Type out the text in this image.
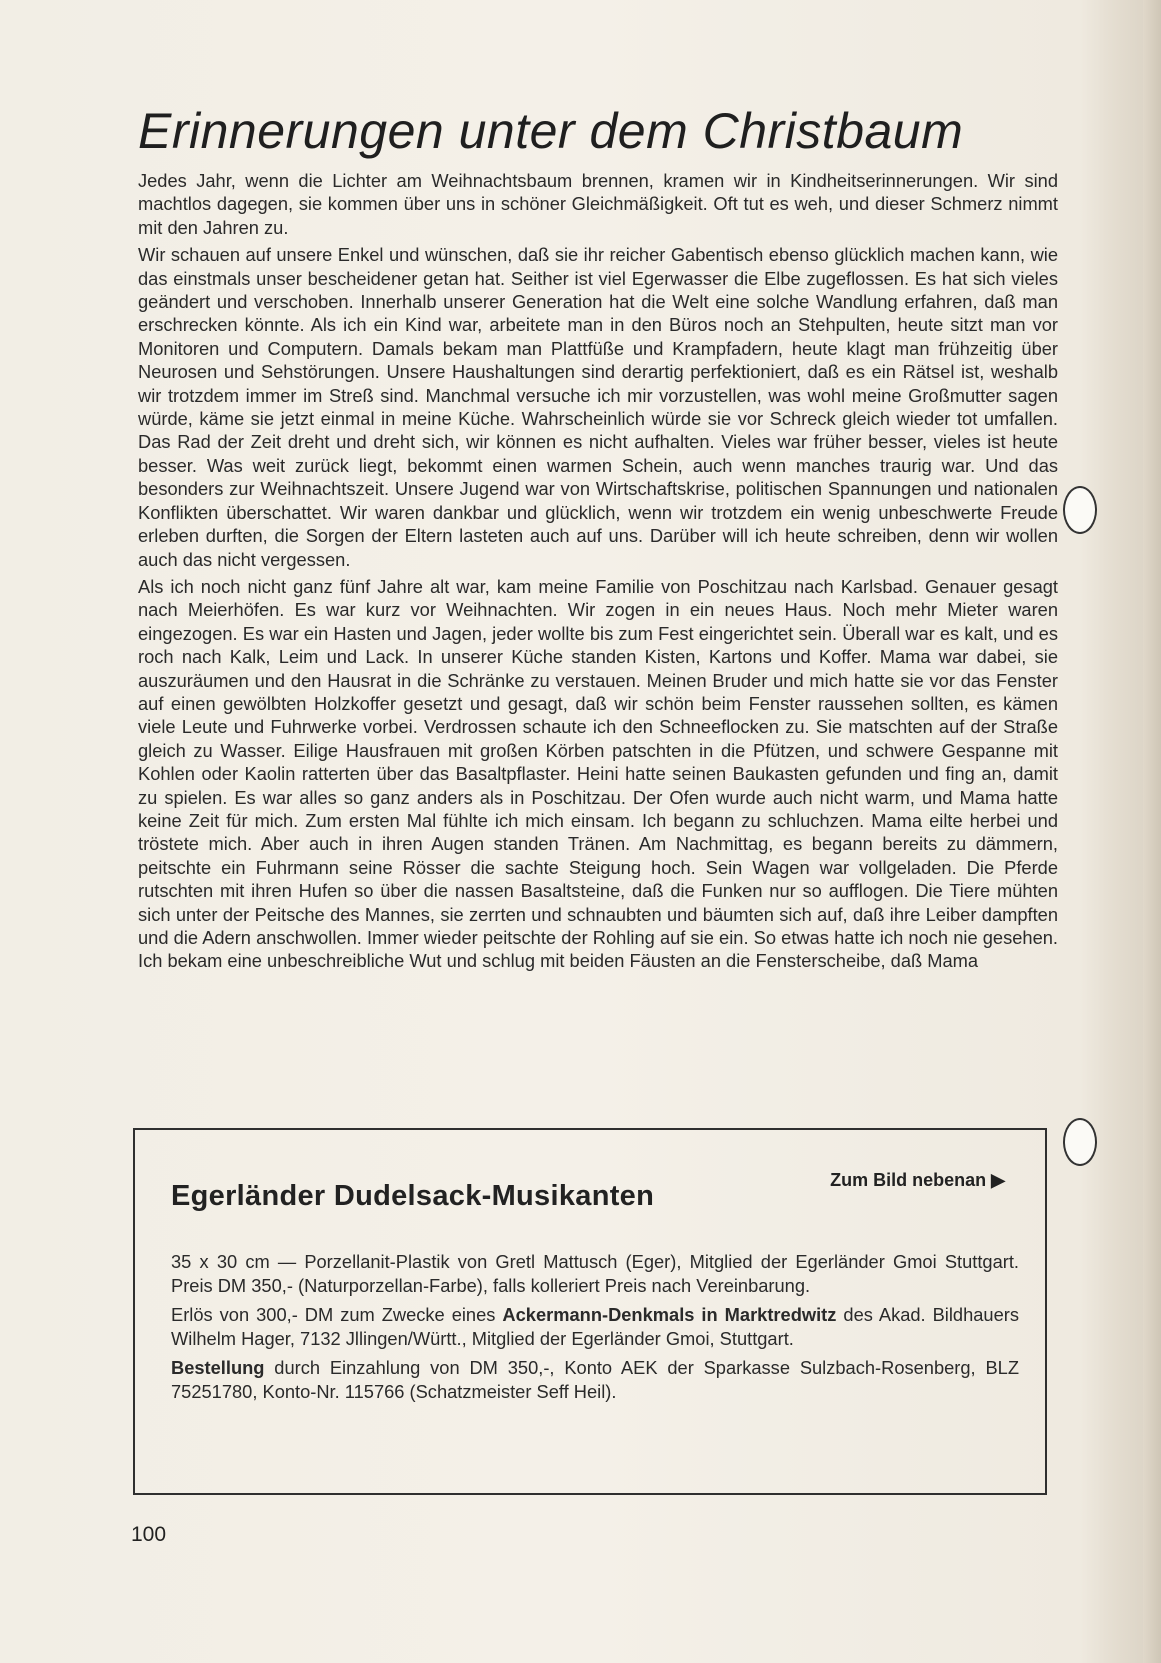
Erinnerungen unter dem Christbaum

Jedes Jahr, wenn die Lichter am Weihnachtsbaum brennen, kramen wir in Kindheitserinnerungen. Wir sind machtlos dagegen, sie kommen über uns in schöner Gleichmäßigkeit. Oft tut es weh, und dieser Schmerz nimmt mit den Jahren zu.

Wir schauen auf unsere Enkel und wünschen, daß sie ihr reicher Gabentisch ebenso glücklich machen kann, wie das einstmals unser bescheidener getan hat. Seither ist viel Egerwasser die Elbe zugeflossen. Es hat sich vieles geändert und verschoben. Innerhalb unserer Generation hat die Welt eine solche Wandlung erfahren, daß man erschrecken könnte. Als ich ein Kind war, arbeitete man in den Büros noch an Stehpulten, heute sitzt man vor Monitoren und Computern. Damals bekam man Plattfüße und Krampfadern, heute klagt man frühzeitig über Neurosen und Sehstörungen. Unsere Haushaltungen sind derartig perfektioniert, daß es ein Rätsel ist, weshalb wir trotzdem immer im Streß sind. Manchmal versuche ich mir vorzustellen, was wohl meine Großmutter sagen würde, käme sie jetzt einmal in meine Küche. Wahrscheinlich würde sie vor Schreck gleich wieder tot umfallen. Das Rad der Zeit dreht und dreht sich, wir können es nicht aufhalten. Vieles war früher besser, vieles ist heute besser. Was weit zurück liegt, bekommt einen warmen Schein, auch wenn manches traurig war. Und das besonders zur Weihnachtszeit. Unsere Jugend war von Wirtschaftskrise, politischen Spannungen und nationalen Konflikten überschattet. Wir waren dankbar und glücklich, wenn wir trotzdem ein wenig unbeschwerte Freude erleben durften, die Sorgen der Eltern lasteten auch auf uns. Darüber will ich heute schreiben, denn wir wollen auch das nicht vergessen.

Als ich noch nicht ganz fünf Jahre alt war, kam meine Familie von Poschitzau nach Karlsbad. Genauer gesagt nach Meierhöfen. Es war kurz vor Weihnachten. Wir zogen in ein neues Haus. Noch mehr Mieter waren eingezogen. Es war ein Hasten und Jagen, jeder wollte bis zum Fest eingerichtet sein. Überall war es kalt, und es roch nach Kalk, Leim und Lack. In unserer Küche standen Kisten, Kartons und Koffer. Mama war dabei, sie auszuräumen und den Hausrat in die Schränke zu verstauen. Meinen Bruder und mich hatte sie vor das Fenster auf einen gewölbten Holzkoffer gesetzt und gesagt, daß wir schön beim Fenster raussehen sollten, es kämen viele Leute und Fuhrwerke vorbei. Verdrossen schaute ich den Schneeflocken zu. Sie matschten auf der Straße gleich zu Wasser. Eilige Hausfrauen mit großen Körben patschten in die Pfützen, und schwere Gespanne mit Kohlen oder Kaolin ratterten über das Basaltpflaster. Heini hatte seinen Baukasten gefunden und fing an, damit zu spielen. Es war alles so ganz anders als in Poschitzau. Der Ofen wurde auch nicht warm, und Mama hatte keine Zeit für mich. Zum ersten Mal fühlte ich mich einsam. Ich begann zu schluchzen. Mama eilte herbei und tröstete mich. Aber auch in ihren Augen standen Tränen. Am Nachmittag, es begann bereits zu dämmern, peitschte ein Fuhrmann seine Rösser die sachte Steigung hoch. Sein Wagen war vollgeladen. Die Pferde rutschten mit ihren Hufen so über die nassen Basaltsteine, daß die Funken nur so aufflogen. Die Tiere mühten sich unter der Peitsche des Mannes, sie zerrten und schnaubten und bäumten sich auf, daß ihre Leiber dampften und die Adern anschwollen. Immer wieder peitschte der Rohling auf sie ein. So etwas hatte ich noch nie gesehen. Ich bekam eine unbeschreibliche Wut und schlug mit beiden Fäusten an die Fensterscheibe, daß Mama

Egerländer Dudelsack-Musikanten	Zum Bild nebenan ▶

35 x 30 cm — Porzellanit-Plastik von Gretl Mattusch (Eger), Mitglied der Egerländer Gmoi Stuttgart. Preis DM 350,- (Naturporzellan-Farbe), falls kolleriert Preis nach Vereinbarung.

Erlös von 300,- DM zum Zwecke eines Ackermann-Denkmals in Marktredwitz des Akad. Bildhauers Wilhelm Hager, 7132 Jllingen/Württ., Mitglied der Egerländer Gmoi, Stuttgart.

Bestellung durch Einzahlung von DM 350,-, Konto AEK der Sparkasse Sulzbach-Rosenberg, BLZ 75251780, Konto-Nr. 115766 (Schatzmeister Seff Heil).

100
